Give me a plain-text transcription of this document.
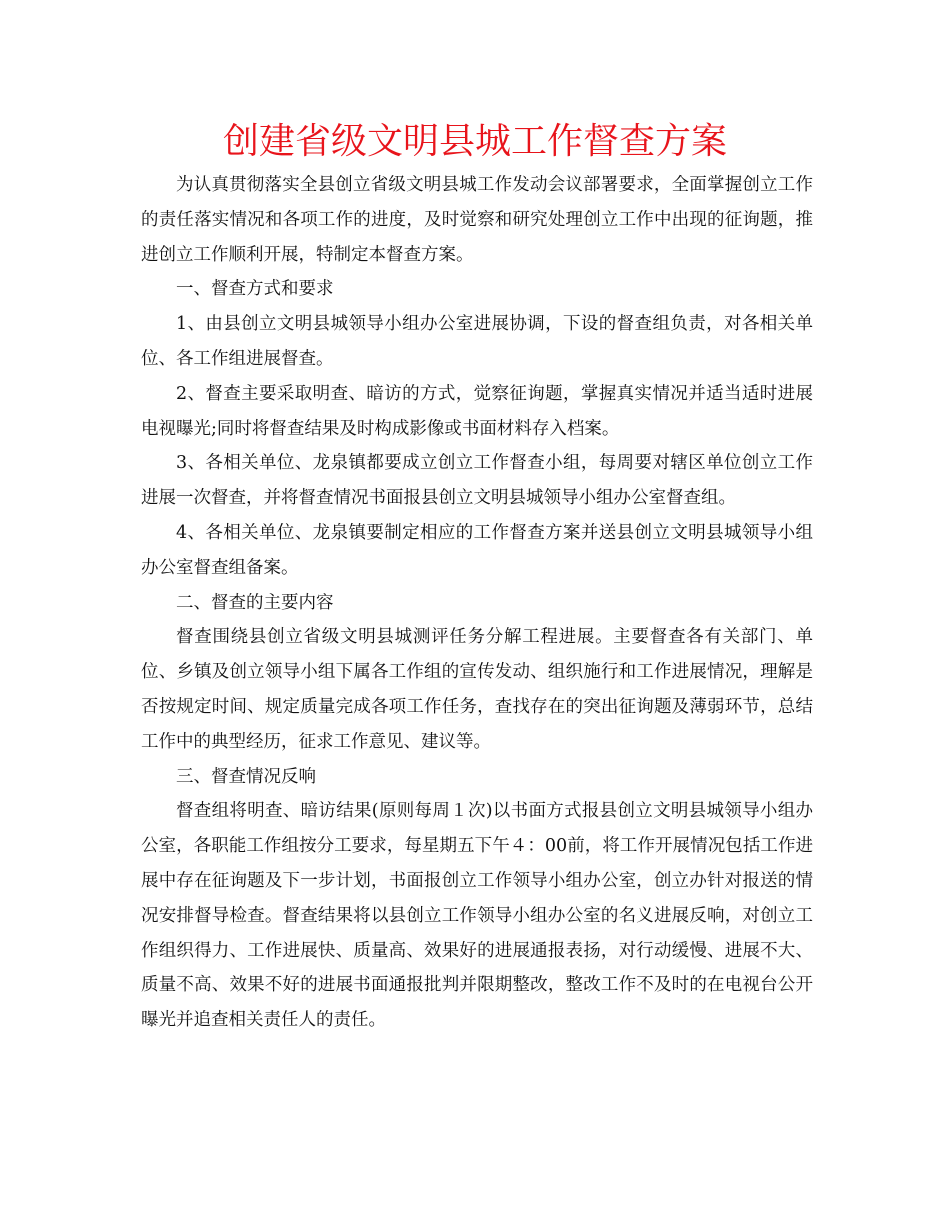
创建省级文明县城工作督查方案

为认真贯彻落实全县创立省级文明县城工作发动会议部署要求，全面掌握创立工作的责任落实情况和各项工作的进度，及时觉察和研究处理创立工作中出现的征询题，推进创立工作顺利开展，特制定本督查方案。

一、督查方式和要求

1、由县创立文明县城领导小组办公室进展协调，下设的督查组负责，对各相关单位、各工作组进展督查。

2、督查主要采取明查、暗访的方式，觉察征询题，掌握真实情况并适当适时进展电视曝光;同时将督查结果及时构成影像或书面材料存入档案。

3、各相关单位、龙泉镇都要成立创立工作督查小组，每周要对辖区单位创立工作进展一次督查，并将督查情况书面报县创立文明县城领导小组办公室督查组。

4、各相关单位、龙泉镇要制定相应的工作督查方案并送县创立文明县城领导小组办公室督查组备案。

二、督查的主要内容

督查围绕县创立省级文明县城测评任务分解工程进展。主要督查各有关部门、单位、乡镇及创立领导小组下属各工作组的宣传发动、组织施行和工作进展情况，理解是否按规定时间、规定质量完成各项工作任务，查找存在的突出征询题及薄弱环节，总结工作中的典型经历，征求工作意见、建议等。

三、督查情况反响

督查组将明查、暗访结果(原则每周１次)以书面方式报县创立文明县城领导小组办公室，各职能工作组按分工要求，每星期五下午４：00前，将工作开展情况包括工作进展中存在征询题及下一步计划，书面报创立工作领导小组办公室，创立办针对报送的情况安排督导检查。督查结果将以县创立工作领导小组办公室的名义进展反响，对创立工作组织得力、工作进展快、质量高、效果好的进展通报表扬，对行动缓慢、进展不大、质量不高、效果不好的进展书面通报批判并限期整改，整改工作不及时的在电视台公开曝光并追查相关责任人的责任。
